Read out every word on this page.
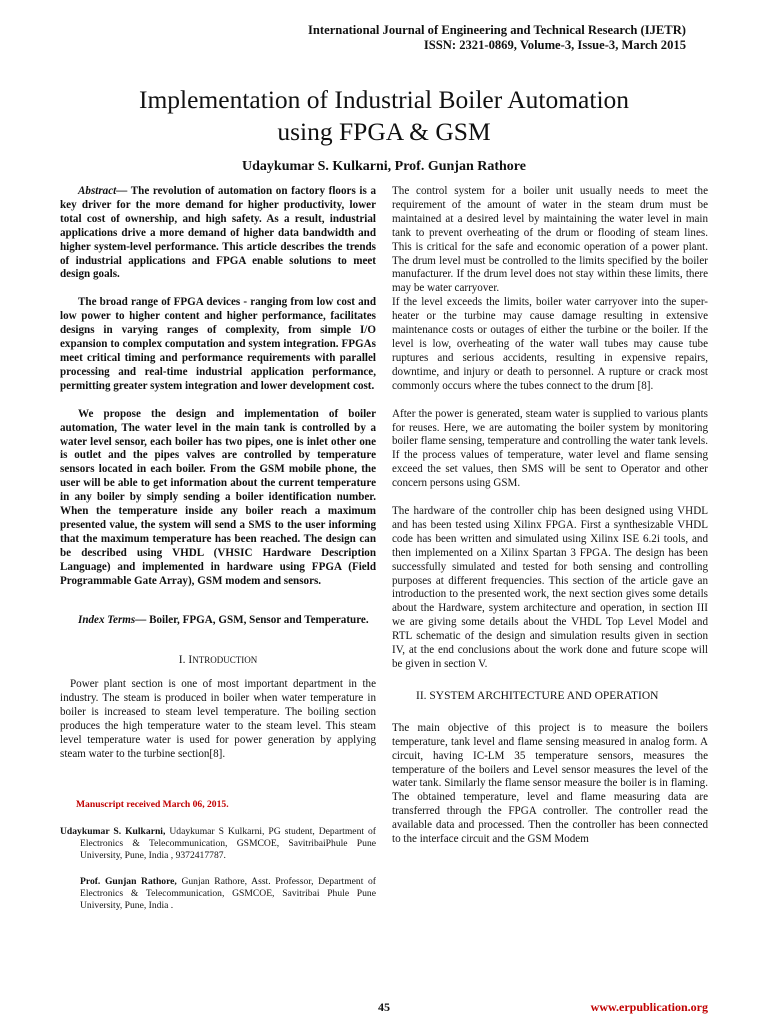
International Journal of Engineering and Technical Research (IJETR)
ISSN: 2321-0869, Volume-3, Issue-3, March 2015
Implementation of Industrial Boiler Automation
using FPGA & GSM
Udaykumar S. Kulkarni, Prof. Gunjan Rathore

Abstract— The revolution of automation on factory floors is a key driver for the more demand for higher productivity, lower total cost of ownership, and high safety. As a result, industrial applications drive a more demand of higher data bandwidth and higher system-level performance. This article describes the trends of industrial applications and FPGA enable solutions to meet design goals.

The broad range of FPGA devices - ranging from low cost and low power to higher content and higher performance, facilitates designs in varying ranges of complexity, from simple I/O expansion to complex computation and system integration. FPGAs meet critical timing and performance requirements with parallel processing and real-time industrial application performance, permitting greater system integration and lower development cost.

We propose the design and implementation of boiler automation, The water level in the main tank is controlled by a water level sensor, each boiler has two pipes, one is inlet other one is outlet and the pipes valves are controlled by temperature sensors located in each boiler. From the GSM mobile phone, the user will be able to get information about the current temperature in any boiler by simply sending a boiler identification number. When the temperature inside any boiler reach a maximum presented value, the system will send a SMS to the user informing that the maximum temperature has been reached. The design can be described using VHDL (VHSIC Hardware Description Language) and implemented in hardware using FPGA (Field Programmable Gate Array), GSM modem and sensors.

Index Terms— Boiler, FPGA, GSM, Sensor and Temperature.

I. INTRODUCTION

Power plant section is one of most important department in the industry. The steam is produced in boiler when water temperature in boiler is increased to steam level temperature. The boiling section produces the high temperature water to the steam level. This steam level temperature water is used for power generation by applying steam water to the turbine section[8].

Manuscript received March 06, 2015.

Udaykumar S. Kulkarni, Udaykumar S Kulkarni, PG student, Department of Electronics & Telecommunication, GSMCOE, SavitribaiPhule Pune University, Pune, India , 9372417787.

Prof. Gunjan Rathore, Gunjan Rathore, Asst. Professor, Department of Electronics & Telecommunication, GSMCOE, Savitribai Phule Pune University, Pune, India .

The control system for a boiler unit usually needs to meet the requirement of the amount of water in the steam drum must be maintained at a desired level by maintaining the water level in main tank to prevent overheating of the drum or flooding of steam lines. This is critical for the safe and economic operation of a power plant. The drum level must be controlled to the limits specified by the boiler manufacturer. If the drum level does not stay within these limits, there may be water carryover.

If the level exceeds the limits, boiler water carryover into the super-heater or the turbine may cause damage resulting in extensive maintenance costs or outages of either the turbine or the boiler. If the level is low, overheating of the water wall tubes may cause tube ruptures and serious accidents, resulting in expensive repairs, downtime, and injury or death to personnel. A rupture or crack most commonly occurs where the tubes connect to the drum [8].

After the power is generated, steam water is supplied to various plants for reuses. Here, we are automating the boiler system by monitoring boiler flame sensing, temperature and controlling the water tank levels. If the process values of temperature, water level and flame sensing exceed the set values, then SMS will be sent to Operator and other concern persons using GSM.

The hardware of the controller chip has been designed using VHDL and has been tested using Xilinx FPGA. First a synthesizable VHDL code has been written and simulated using Xilinx ISE 6.2i tools, and then implemented on a Xilinx Spartan 3 FPGA. The design has been successfully simulated and tested for both sensing and controlling purposes at different frequencies. This section of the article gave an introduction to the presented work, the next section gives some details about the Hardware, system architecture and operation, in section III we are giving some details about the VHDL Top Level Model and RTL schematic of the design and simulation results given in section IV, at the end conclusions about the work done and future scope will be given in section V.

II. SYSTEM ARCHITECTURE AND OPERATION

The main objective of this project is to measure the boilers temperature, tank level and flame sensing measured in analog form. A circuit, having IC-LM 35 temperature sensors, measures the temperature of the boilers and Level sensor measures the level of the water tank. Similarly the flame sensor measure the boiler is in flaming. The obtained temperature, level and flame measuring data are transferred through the FPGA controller. The controller read the available data and processed. Then the controller has been connected to the interface circuit and the GSM Modem

45	www.erpublication.org
